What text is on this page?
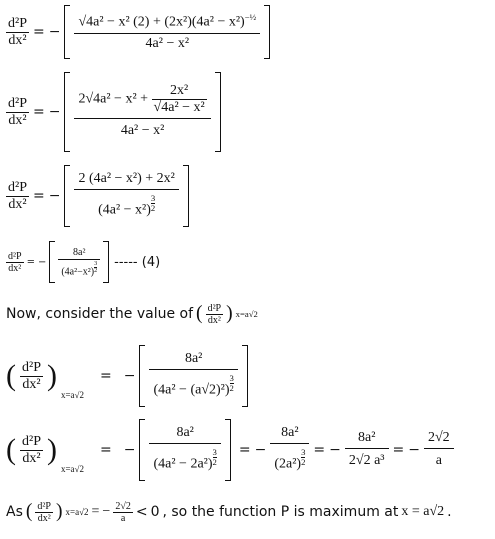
$\frac{\text{d²P}}{\text{dx²}}$ = − $\frac{√4a^2 - x^2 (2) + (2x^2)(4a^2 - x^2)^{-\frac{1}{2}}}{\text{4a² − x²}}$
$\frac{\text{d²P}}{\text{dx²}}$ = − $\frac{2√4a^2 - x^2 + \frac{\text{2x²}}{\text{√4a² − x²}}}{\text{4a² − x²}}$
$\frac{\text{d²P}}{\text{dx²}}$ = − $\frac{\text{2 (4a² − x²) + 2x²}}{(4a^2 - x^2) \frac{3}{2}}$
$\frac{\text{d²P}}{\text{dx²}}$ = − $\frac{\text{8a²}}{(4a^2-x^2) \frac{3}{2}}$ ----- (4)
Now, consider the value of ( $\frac{\text{d²P}}{\text{dx²}}$ ) x=a√2
( $\frac{\text{d²P}}{\text{dx²}}$ )
x=a√2
= − $\frac{\text{8a²}}{(4a^2 - (a√2)^2) \frac{3}{2}}$
( $\frac{\text{d²P}}{\text{dx²}}$ )
x=a√2
= − $\frac{\text{8a²}}{(4a^2 - 2a^2) \frac{3}{2}}$ = − $\frac{\text{8a²}}{(2a^2) \frac{3}{2}}$ = − $\frac{\text{8a²}}{\text{2√2 a³}}$ = − $\frac{2√2}{a}$
As ( $\frac{\text{d²P}}{\text{dx²}}$ ) x=a√2 = − $\frac{2√2}{a} < 0$ , so the function P is maximum at x = a√2 .
